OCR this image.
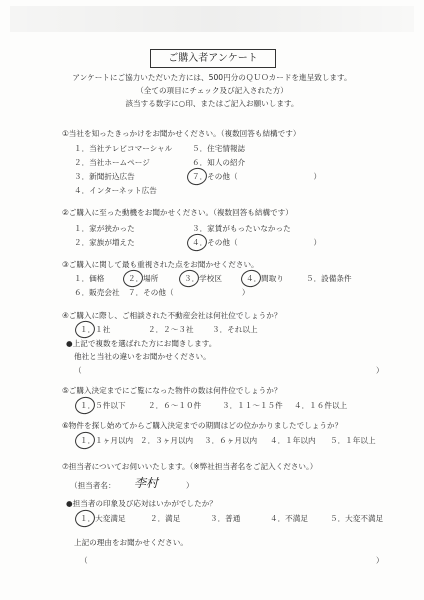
ご購入者アンケート
アンケートにご協力いただいた方には、500円分のＱＵＯカードを進呈致します。
（全ての項目にチェック及び記入された方）
該当する数字に○印、またはご記入お願いします。
①当社を知ったきっかけをお聞かせください。（複数回答も結構です）
１．当社テレビコマーシャル
２．当社ホームページ
３．新聞折込広告
４．インターネット広告
５．住宅情報誌
６．知人の紹介
７．その他（　　　　　　　　　　）
②ご購入に至った動機をお聞かせください。（複数回答も結構です）
１．家が狭かった
２．家族が増えた
３．家賃がもったいなかった
４．その他（　　　　　　　　　　）
③ご購入に関して最も重視された点をお聞かせください。
１．価格	２．場所	３．学校区	４．間取り	５．設備条件
６．販売会社 ７．その他（　　　　　　　　　）
④ご購入に際し、ご相談された不動産会社は何社位でしょうか？
１．１社	２．２〜３社 ３．それ以上
●上記で複数を選ばれた方にお聞きします。
他社と当社の違いをお聞かせください。
（	）
⑤ご購入決定までにご覧になった物件の数は何件位でしょうか？
１．５件以下	２．６〜１０件	３．１１〜１５件 ４．１６件以上
⑥物件を探し始めてからご購入決定までの期間はどの位かかりましたでしょうか？
１．１ヶ月以内 ２．３ヶ月以内 ３．６ヶ月以内 ４．１年以内 ５．１年以上
⑦担当者についてお伺いいたします。（※弊社担当者名をご記入ください。）
（担当者名： 李村	）
●担当者の印象及び応対はいかがでしたか？
１．大変満足	２．満足	３．普通	４．不満足	５．大変不満足
上記の理由をお聞かせください。
（	）
